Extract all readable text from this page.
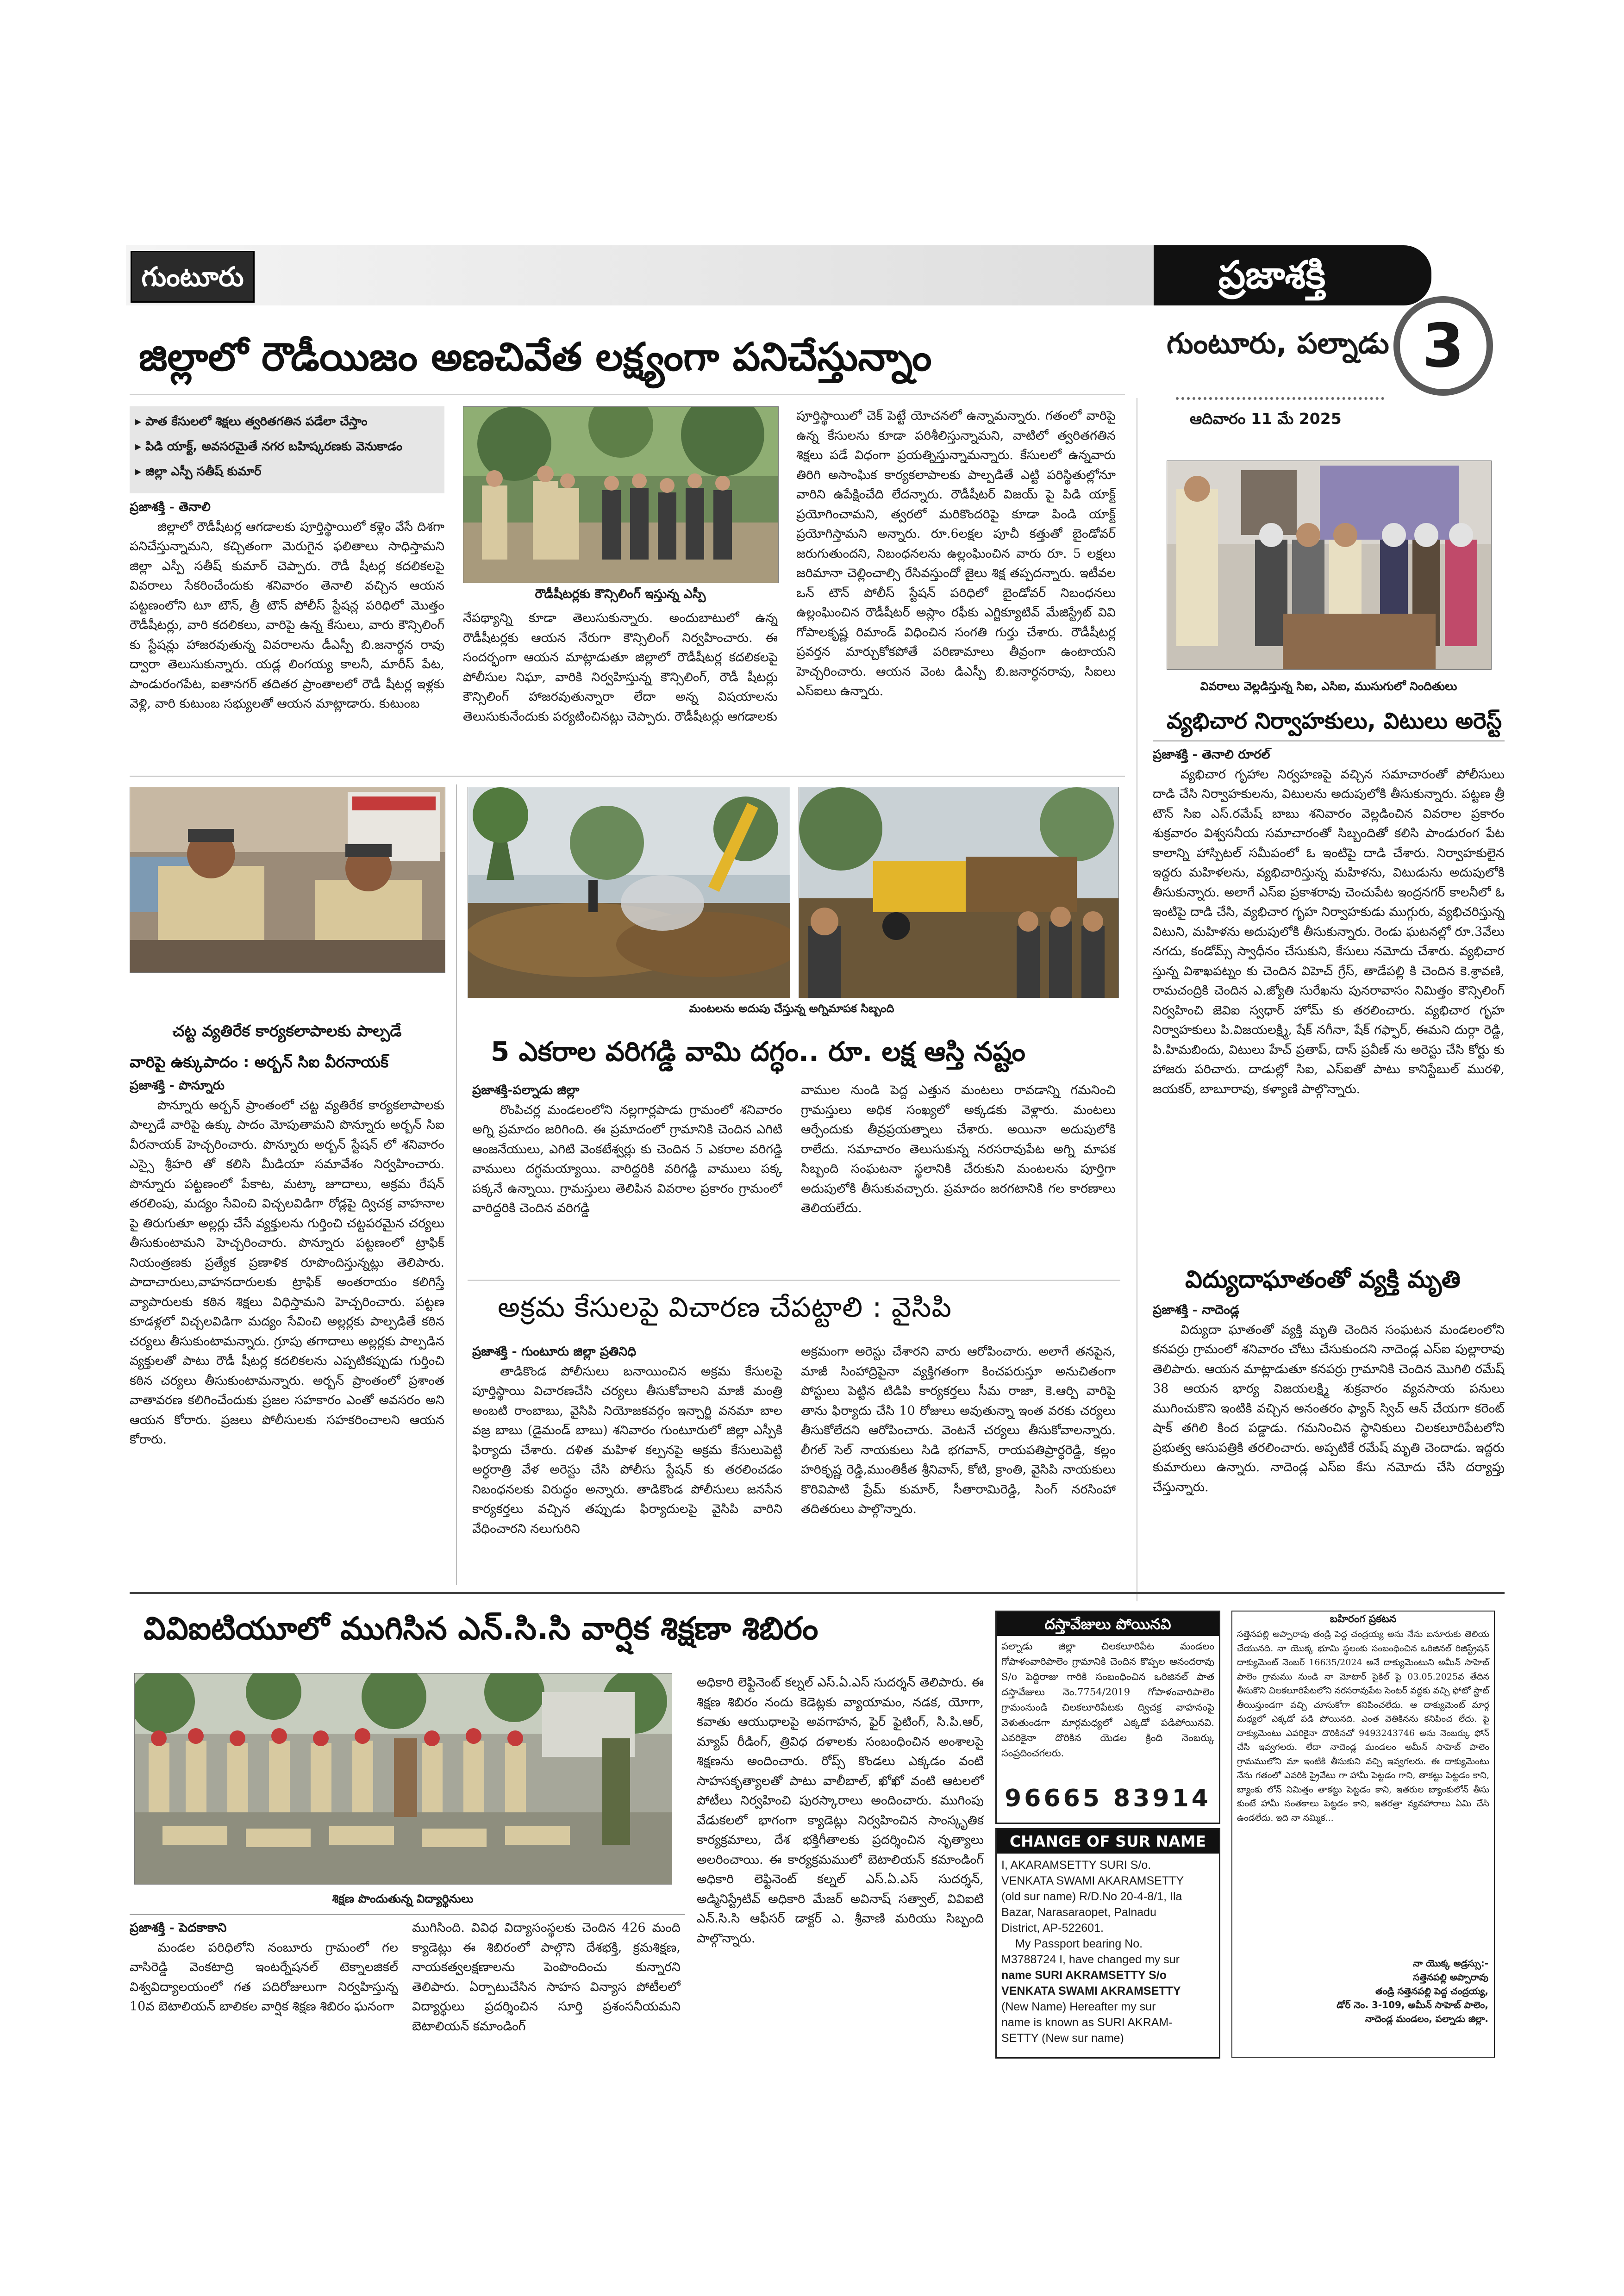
గుంటూరు	ప్రజాశక్తి
గుంటూరు, పల్నాడు 3
ఆదివారం 11 మే 2025
జిల్లాలో రౌడీయిజం అణచివేత లక్ష్యంగా పనిచేస్తున్నాం
▸ పాత కేసులలో శిక్షలు త్వరితగతిన పడేలా చేస్తాం
▸ పిడి యాక్ట్, అవసరమైతే నగర బహిష్కరణకు వెనుకాడం
▸ జిల్లా ఎస్పీ సతీష్ కుమార్
ప్రజాశక్తి - తెనాలి

జిల్లాలో రౌడీషీటర్ల ఆగడాలకు పూర్తిస్థాయిలో కళ్లెం వేసే దిశగా పనిచేస్తున్నామని, కచ్చితంగా మెరుగైన ఫలితాలు సాధిస్తామని జిల్లా ఎస్పీ సతీష్ కుమార్ చెప్పారు. రౌడీ షీటర్ల కదలికలపై వివరాలు సేకరించేందుకు శనివారం తెనాలి వచ్చిన ఆయన పట్టణంలోని టూ టౌన్, త్రీ టౌన్ పోలీస్ స్టేషన్ల పరిధిలో మొత్తం రౌడీషీటర్లు, వారి కదలికలు, వారిపై ఉన్న కేసులు, వారు కౌన్సిలింగ్ కు స్టేషన్లు హాజరవుతున్న వివరాలను డీఎస్పీ బి.జనార్ధన రావు ద్వారా తెలుసుకున్నారు. యడ్ల లింగయ్య కాలనీ, మారీస్ పేట, పాండురంగపేట, ఐతానగర్ తదితర ప్రాంతాలలో రౌడీ షీటర్ల ఇళ్లకు వెళ్లి, వారి కుటుంబ సభ్యులతో ఆయన మాట్లాడారు. కుటుంబ

రౌడీషీటర్లకు కౌన్సిలింగ్ ఇస్తున్న ఎస్పీ

నేపథ్యాన్ని కూడా తెలుసుకున్నారు. అందుబాటులో ఉన్న రౌడీషీటర్లకు ఆయన నేరుగా కౌన్సిలింగ్ నిర్వహించారు. ఈ సందర్భంగా ఆయన మాట్లాడుతూ జిల్లాలో రౌడీషీటర్ల కదలికలపై పోలీసుల నిఘా, వారికి నిర్వహిస్తున్న కౌన్సిలింగ్, రౌడీ షీటర్లు కౌన్సిలింగ్ హాజరవుతున్నారా లేదా అన్న విషయాలను తెలుసుకునేందుకు పర్యటించినట్లు చెప్పారు. రౌడీషీటర్లు ఆగడాలకు

పూర్తిస్థాయిలో చెక్ పెట్టే యోచనలో ఉన్నామన్నారు. గతంలో వారిపై ఉన్న కేసులను కూడా పరిశీలిస్తున్నామని, వాటిలో త్వరితగతిన శిక్షలు పడే విధంగా ప్రయత్నిస్తున్నామన్నారు. కేసులలో ఉన్నవారు తిరిగి అసాంఘిక కార్యకలాపాలకు పాల్పడితే ఎట్టి పరిస్థితుల్లోనూ వారిని ఉపేక్షించేది లేదన్నారు. రౌడీషీటర్ విజయ్ పై పిడి యాక్ట్ ప్రయోగించామని, త్వరలో మరికొందరిపై కూడా పిండి యాక్ట్ ప్రయోగిస్తామని అన్నారు. రూ.6లక్షల పూచీ కత్తుతో బైండోవర్ జరుగుతుందని, నిబంధనలను ఉల్లంఘించిన వారు రూ. 5 లక్షలు జరిమానా చెల్లించాల్సి రేసివస్తుందో జైలు శిక్ష తప్పదన్నారు. ఇటీవల ఒన్ టౌన్ పోలీస్ స్టేషన్ పరిధిలో బైండోవర్ నిబంధనలు ఉల్లంఘించిన రౌడీషీటర్ అస్లాం రఫీకు ఎగ్జిక్యూటివ్ మేజిస్ట్రేట్ వివి గోపాలకృష్ణ రిమాండ్ విధించిన సంగతి గుర్తు చేశారు. రౌడీషీటర్ల ప్రవర్తన మార్చుకోకపోతే పరిణామాలు తీవ్రంగా ఉంటాయని హెచ్చరించారు. ఆయన వెంట డిఎస్పీ బి.జనార్ధనరావు, సిఐలు ఎస్ఐలు ఉన్నారు.	వివరాలు వెల్లడిస్తున్న సిఐ, ఎసిఐ, ముసుగులో నిందితులు
వ్యభిచార నిర్వాహకులు, విటులు అరెస్ట్
ప్రజాశక్తి - తెనాలి రూరల్

వ్యభిచార గృహాల నిర్వహణపై వచ్చిన సమాచారంతో పోలీసులు దాడి చేసి నిర్వాహకులను, విటులను అదుపులోకి తీసుకున్నారు. పట్టణ త్రీ టౌన్ సిఐ ఎస్.రమేష్ బాబు శనివారం వెల్లడించిన వివరాల ప్రకారం శుక్రవారం విశ్వసనీయ సమాచారంతో సిబ్బందితో కలిసి పాండురంగ పేట కాలాన్ని హాస్పిటల్ సమీపంలో ఓ ఇంటిపై దాడి చేశారు. నిర్వాహకులైన ఇద్దరు మహిళలను, వ్యభిచారిస్తున్న మహిళను, విటుడును అదుపులోకి తీసుకున్నారు. అలాగే ఎస్ఐ ప్రకాశరావు చెంచుపేట ఇంద్రనగర్ కాలనీలో ఓ ఇంటిపై దాడి చేసి, వ్యభిచార గృహ నిర్వాహకుడు ముగ్గురు, వ్యభిచరిస్తున్న విటుని, మహిళను అదుపులోకి తీసుకున్నారు. రెండు ఘటనల్లో రూ.3వేలు నగదు, కండోమ్స్ స్వాధీనం చేసుకుని, కేసులు నమోదు చేశారు. వ్యభిచార స్తున్న విశాఖపట్నం కు చెందిన విహెచ్ గ్రేస్, తాడేపల్లి కి చెందిన కె.శ్రావణి, రామచంద్రికి చెందిన ఎ.జ్యోతి సురేఖను పునరావాసం నిమిత్తం కౌన్సిలింగ్ నిర్వహించి జెవిఐ స్వధార్ హోమ్ కు తరలించారు. వ్యభిచార గృహ నిర్వాహకులు పి.విజయలక్ష్మి, షేక్ నగీనా, షేక్ గఫ్ఫార్, ఈమని దుర్గా రెడ్డి, పి.హిమబిందు, విటులు హేచ్ ప్రతాప్, దాస్ ప్రవీణ్ ను అరెస్టు చేసి కోర్టు కు హాజరు పరిచారు. దాడుల్లో సిఐ, ఎస్ఐతో పాటు కానిస్టేబుల్ మురళి, జయకర్, బాబూరావు, కళ్యాణి పాల్గొన్నారు.

విద్యుదాఘాతంతో వ్యక్తి మృతి
ప్రజాశక్తి - నాదెండ్ల

విద్యుదా ఘాతంతో వ్యక్తి మృతి చెందిన సంఘటన మండలంలోని కనపర్రు గ్రామంలో శనివారం చోటు చేసుకుందని నాదెండ్ల ఎస్ఐ పుల్లారావు తెలిపారు. ఆయన మాట్లాడుతూ కనపర్రు గ్రామానికి చెందిన మొగిలి రమేష్ 38 ఆయన భార్య విజయలక్ష్మి శుక్రవారం వ్యవసాయ పనులు ముగించుకొని ఇంటికి వచ్చిన అనంతరం ఫ్యాన్ స్విచ్ ఆన్ చేయగా కరెంట్ షాక్ తగిలి కింద పడ్డాడు. గమనించిన స్థానికులు చిలకలూరిపేటలోని ప్రభుత్వ ఆసుపత్రికి తరలించారు. అప్పటికే రమేష్ మృతి చెందాడు. ఇద్దరు కుమారులు ఉన్నారు. నాదెండ్ల ఎస్ఐ కేసు నమోదు చేసి దర్యాప్తు చేస్తున్నారు.

చట్ట వ్యతిరేక కార్యకలాపాలకు పాల్పడే
వారిపై ఉక్కుపాదం : అర్బన్ సిఐ వీరనాయక్
ప్రజాశక్తి - పొన్నూరు

పొన్నూరు అర్బన్ ప్రాంతంలో చట్ట వ్యతిరేక కార్యకలాపాలకు పాల్పడే వారిపై ఉక్కు పాదం మోపుతామని పొన్నూరు అర్బన్ సిఐ వీరనాయక్ హెచ్చరించారు. పొన్నూరు అర్బన్ స్టేషన్ లో శనివారం ఎస్సై శ్రీహరి తో కలిసి మీడియా సమావేశం నిర్వహించారు. పొన్నూరు పట్టణంలో పేకాట, మట్కా జూదాలు, అక్రమ రేషన్ తరలింపు, మద్యం సేవించి విచ్చలవిడిగా రోడ్లపై ద్విచక్ర వాహనాల పై తిరుగుతూ అల్లర్లు చేసే వ్యక్తులను గుర్తించి చట్టపరమైన చర్యలు తీసుకుంటామని హెచ్చరించారు. పొన్నూరు పట్టణంలో ట్రాఫిక్ నియంత్రణకు ప్రత్యేక ప్రణాళిక రూపొందిస్తున్నట్లు తెలిపారు. పాదాచారులు,వాహనదారులకు ట్రాఫిక్ అంతరాయం కలిగిస్తే వ్యాపారులకు కఠిన శిక్షలు విధిస్తామని హెచ్చరించారు. పట్టణ కూడళ్లలో విచ్చలవిడిగా మద్యం సేవించి అల్లర్లకు పాల్పడితే కఠిన చర్యలు తీసుకుంటామన్నారు. గ్రూపు తగాదాలు అల్లర్లకు పాల్పడిన వ్యక్తులతో పాటు రౌడీ షీటర్ల కదలికలను ఎప్పటికప్పుడు గుర్తించి కఠిన చర్యలు తీసుకుంటామన్నారు. అర్బన్ ప్రాంతంలో ప్రశాంత వాతావరణ కలిగించేందుకు ప్రజల సహకారం ఎంతో అవసరం అని ఆయన కోరారు. ప్రజలు పోలీసులకు సహకరించాలని ఆయన కోరారు.

మంటలను అదుపు చేస్తున్న అగ్నిమాపక సిబ్బంది
5 ఎకరాల వరిగడ్డి వామి దగ్ధం.. రూ. లక్ష ఆస్తి నష్టం
ప్రజాశక్తి-పల్నాడు జిల్లా

రొంపిచర్ల మండలంలోని నల్లగార్లపాడు గ్రామంలో శనివారం అగ్ని ప్రమాదం జరిగింది. ఈ ప్రమాదంలో గ్రామానికి చెందిన ఎగిటి ఆంజనేయులు, ఎగిటి వెంకటేశ్వర్లు కు చెందిన 5 ఎకరాల వరిగడ్డి వాములు దగ్ధమయ్యాయి. వారిద్దరికి వరిగడ్డి వాములు పక్క పక్కనే ఉన్నాయి. గ్రామస్తులు తెలిపిన వివరాల ప్రకారం గ్రామంలో వారిద్దరికి చెందిన వరిగడ్డి

వాముల నుండి పెద్ద ఎత్తున మంటలు రావడాన్ని గమనించి గ్రామస్తులు అధిక సంఖ్యలో అక్కడకు వెళ్లారు. మంటలు ఆర్పేందుకు తీవ్రప్రయత్నాలు చేశారు. అయినా అదుపులోకి రాలేదు. సమాచారం తెలుసుకున్న నరసరావుపేట అగ్ని మాపక సిబ్బంది సంఘటనా స్థలానికి చేరుకుని మంటలను పూర్తిగా అదుపులోకి తీసుకువచ్చారు. ప్రమాదం జరగటానికి గల కారణాలు తెలియలేదు.

అక్రమ కేసులపై విచారణ చేపట్టాలి : వైసిపి
ప్రజాశక్తి - గుంటూరు జిల్లా ప్రతినిధి

తాడికొండ పోలీసులు బనాయించిన అక్రమ కేసులపై పూర్తిస్థాయి విచారణచేసి చర్యలు తీసుకోవాలని మాజీ మంత్రి అంబటి రాంబాబు, వైసిపి నియోజకవర్గం ఇన్చార్జి వనమా బాల వజ్ర బాబు (డైమండ్ బాబు) శనివారం గుంటూరులో జిల్లా ఎస్పీకి ఫిర్యాదు చేశారు. దళిత మహిళ కల్పనపై అక్రమ కేసులుపెట్టి అర్ధరాత్రి వేళ అరెస్టు చేసి పోలీసు స్టేషన్ కు తరలించడం నిబంధనలకు విరుద్ధం అన్నారు. తాడికొండ పోలీసులు జనసేన కార్యకర్తలు వచ్చిన తప్పుడు ఫిర్యాదులపై వైసిపి వారిని వేధించారని నలుగురిని

అక్రమంగా అరెస్టు చేశారని వారు ఆరోపించారు. అలాగే తనపైన, మాజీ సింహాద్రిపైనా వ్యక్తిగతంగా కించపరుస్తూ అనుచితంగా పోస్టులు పెట్టిన టిడిపి కార్యకర్తలు సీమ రాజా, కె.ఆర్పి వారిపై తాను ఫిర్యాదు చేసి 10 రోజులు అవుతున్నా ఇంత వరకు చర్యలు తీసుకోలేదని ఆరోపించారు. వెంటనే చర్యలు తీసుకోవాలన్నారు. లీగల్ సెల్ నాయకులు సిడి భగవాన్, రాయపతిప్రార్ధరెడ్డి, కల్లం హరికృష్ణ రెడ్డి,ముంతికీత శ్రీనివాస్, కోటి, క్రాంతి, వైసిపి నాయకులు కొరివిపాటి ప్రేమ్ కుమార్, సీతారామిరెడ్డి, సింగ్ నరసింహా తదితరులు పాల్గొన్నారు.

వివిఐటియూలో ముగిసిన ఎన్.సి.సి వార్షిక శిక్షణా శిబిరం
శిక్షణ పొందుతున్న విద్యార్థినులు
ప్రజాశక్తి - పెదకాకాని

మండల పరిధిలోని నంబూరు గ్రామంలో గల వాసిరెడ్డి వెంకటాద్రి ఇంటర్నేషనల్ టెక్నాలజికల్ విశ్వవిద్యాలయంలో గత పదిరోజులుగా నిర్వహిస్తున్న 10వ బెటాలియన్ బాలికల వార్షిక శిక్షణ శిబిరం ఘనంగా

ముగిసింది. వివిధ విద్యాసంస్థలకు చెందిన 426 మంది క్యాడెట్లు ఈ శిబిరంలో పాల్గొని దేశభక్తి, క్రమశిక్షణ, నాయకత్వలక్షణాలను పెంపొందించు కున్నారని తెలిపారు. ఏర్పాటుచేసిన సాహస విన్యాస పోటీలలో విద్యార్థులు ప్రదర్శించిన సూర్తి ప్రశంసనీయమని బెటాలియన్ కమాండింగ్

అధికారి లెఫ్టినెంట్ కల్నల్ ఎస్.ఏ.ఎస్ సుదర్శన్ తెలిపారు. ఈ శిక్షణ శిబిరం నందు కెడెట్లకు వ్యాయామం, నడక, యోగా, కవాతు ఆయుధాలపై అవగాహన, ఫైర్ ఫైటింగ్, సి.పి.ఆర్, మ్యాప్ రీడింగ్, త్రివిధ దళాలకు సంబంధించిన అంశాలపై శిక్షణను అందించారు. రోప్స్ కొండలు ఎక్కడం వంటి సాహసకృత్యాలతో పాటు వాలీబాల్, ఖోఖో వంటి ఆటలలో పోటీలు నిర్వహించి పురస్కారాలు అందించారు. ముగింపు వేడుకలలో భాగంగా క్యాడెట్లు నిర్వహించిన సాంస్కృతిక కార్యక్రమాలు, దేశ భక్తిగీతాలకు ప్రదర్శించిన నృత్యాలు అలరించాయి. ఈ కార్యక్రమములో బెటాలియన్ కమాండింగ్ అధికారి లెఫ్టినెంట్ కల్నల్ ఎస్.ఏ.ఎస్ సుదర్శన్, అడ్మినిస్ట్రేటివ్ అధికారి మేజర్ అవినాష్ సత్వాల్, వివిఐటి ఎన్.సి.సి ఆఫీసర్ డాక్టర్ ఎ. శ్రీవాణి మరియు సిబ్బంది పాల్గొన్నారు.

దస్తావేజులు పోయినవి
పల్నాడు జిల్లా చిలకలూరిపేట మండలం గోపాళంవారిపాలెం గ్రామానికి చెందిన కొప్పల ఆనందరావు S/o పెద్దిరాజు గారికి సంబంధించిన ఒరిజినల్ పాత దస్తావేజులు నెం.7754/2019 గోపాళంవారిపాలెం గ్రామంనుండి చిలకలూరిపేటకు ద్విచక్ర వాహనంపై వెళుతుండగా మార్గమధ్యలో ఎక్కడో పడిపోయినవి. ఎవరికైనా దొరికిన యెడల క్రింది నెంబర్కు సంప్రదించగలరు.
96665 83914
CHANGE OF SUR NAME
I, AKARAMSETTY SURI S/o.
VENKATA SWAMI AKARAMSETTY
(old sur name) R/D.No 20-4-8/1, Ila
Bazar, Narasaraopet, Palnadu
District, AP-522601.
My Passport bearing No.
M3788724 I, have changed my sur
name SURI AKRAMSETTY S/o
VENKATA SWAMI AKRAMSETTY
(New Name) Hereafter my sur
name is known as SURI AKRAM-
SETTY (New sur name)
బహిరంగ ప్రకటన
సత్తెనపల్లి అప్పారావు తండ్రి పెద్ద చంద్రయ్య అను నేను ఐనూరుకు తెలియ చేయునది. నా యొక్క భూమి స్థలంకు సంబంధించిన ఒరిజినల్ రిజిస్ట్రేషన్ దాక్యుమెంట్ నెంబర్ 16635/2024 అనే దాక్యుమెంటుని అమీన్ సాహెబ్ పాలెం గ్రామము నుండి నా మోటార్ సైకిల్ పై 03.05.2025వ తేదిన తీసుకొని చిలకలూరిపేటలోని నరసరావుపేట సెంటర్ వద్దకు వచ్చి ఫోటో స్టాట్ తీయిస్తుండగా వచ్చి చూసుకోగా కనిపించలేదు. ఆ దాక్యుమెంట్ మార్గ మధ్యలో ఎక్కడో పడి పోయినది. ఎంత వెతికినను కనిపించ లేదు. పై దాక్యుమెంటు ఎవరికైనా దొరికినచో 9493243746 అను నెంబర్కు ఫోన్ చేసి ఇవ్వగలరు. లేదా నాదెండ్ల మండలం అమీన్ సాహెబ్ పాలెం గ్రామములోని మా ఇంటికి తీసుకుని వచ్చి ఇవ్వగలరు. ఈ దాక్యుమెంటు నేను గతంలో ఎవరికి ప్రైవేటు గా హామీ పెట్టడం గాని, తాకట్టు పెట్టడం కాని, బ్యాంకు లోన్ నిమిత్తం తాకట్టు పెట్టడం కాని, ఇతరుల బ్యాంకులోన్ తీసు కుంటే హామీ సంతకాలు పెట్టడం కాని, ఇతరత్రా వ్యవహారాలు ఏమి చేసి ఉండలేదు. ఇది నా నమ్మిక...
నా యొక్క అడ్రస్సు:-
సత్తెనపల్లి అప్పారావు
తండ్రి సత్తెనపల్లి పెద్ద చంద్రయ్య,
డోర్ నెం. 3-109, అమీన్ సాహెబ్ పాలెం,
నాదెండ్ల మండలం, పల్నాడు జిల్లా.
